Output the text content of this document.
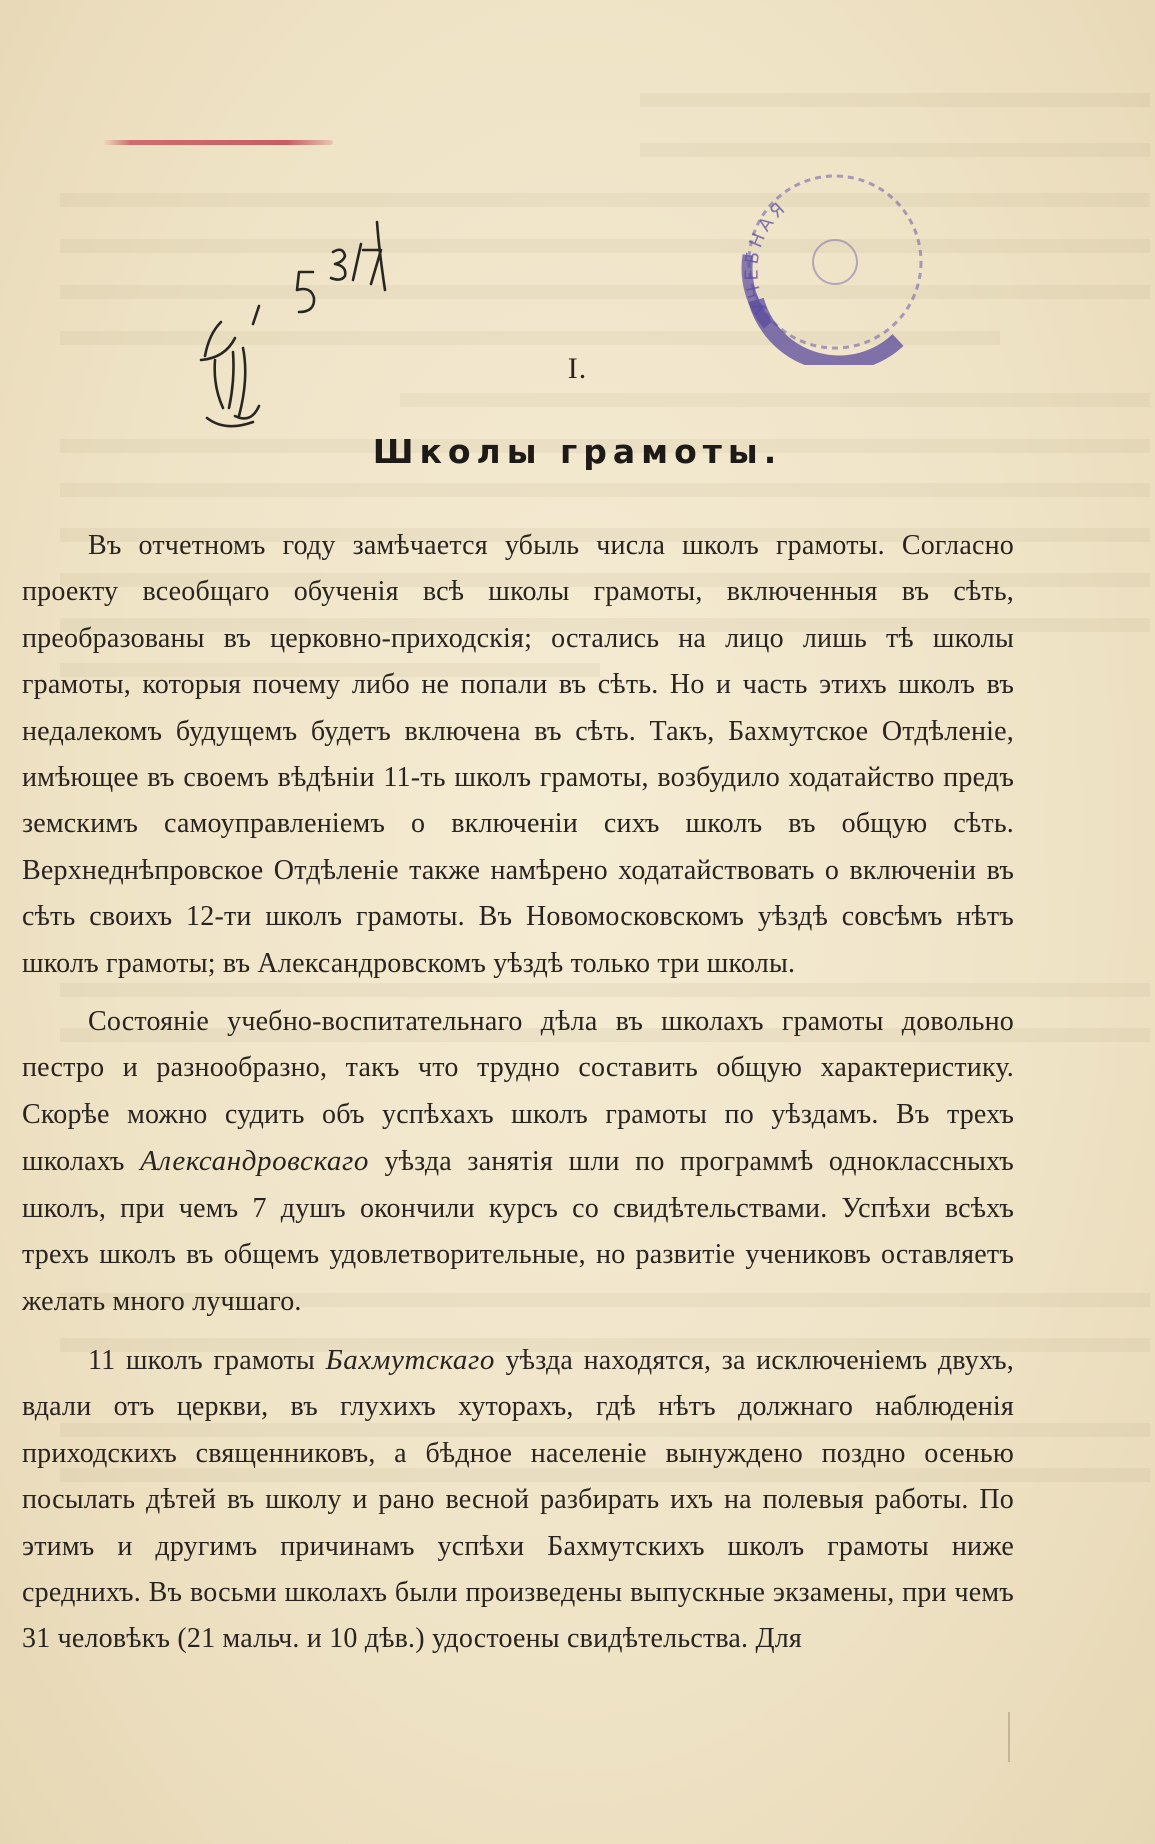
УЧЕБНАЯ
I.
Школы грамоты.

Въ отчетномъ году замѣчается убыль числа школъ грамоты. Согласно проекту всеобщаго обученія всѣ школы грамоты, включенныя въ сѣть, преобразованы въ церковно-приходскія; остались на лицо лишь тѣ школы грамоты, которыя почему либо не попали въ сѣть. Но и часть этихъ школъ въ недалекомъ будущемъ будетъ включена въ сѣть. Такъ, Бахмутское Отдѣленіе, имѣющее въ своемъ вѣдѣніи 11-ть школъ грамоты, возбудило ходатайство предъ земскимъ самоуправленіемъ о включеніи сихъ школъ въ общую сѣть. Верхнеднѣпровское Отдѣленіе также намѣрено ходатайствовать о включеніи въ сѣть своихъ 12-ти школъ грамоты. Въ Новомосковскомъ уѣздѣ совсѣмъ нѣтъ школъ грамоты; въ Александровскомъ уѣздѣ только три школы.

Состояніе учебно-воспитательнаго дѣла въ школахъ грамоты довольно пестро и разнообразно, такъ что трудно составить общую характеристику. Скорѣе можно судить объ успѣхахъ школъ грамоты по уѣздамъ. Въ трехъ школахъ Александровскаго уѣзда занятія шли по программѣ одноклассныхъ школъ, при чемъ 7 душъ окончили курсъ со свидѣтельствами. Успѣхи всѣхъ трехъ школъ въ общемъ удовлетворительные, но развитіе учениковъ оставляетъ желать много лучшаго.

11 школъ грамоты Бахмутскаго уѣзда находятся, за исключеніемъ двухъ, вдали отъ церкви, въ глухихъ хуторахъ, гдѣ нѣтъ должнаго наблюденія приходскихъ священниковъ, а бѣдное населеніе вынуждено поздно осенью посылать дѣтей въ школу и рано весной разбирать ихъ на полевыя работы. По этимъ и другимъ причинамъ успѣхи Бахмутскихъ школъ грамоты ниже среднихъ. Въ восьми школахъ были произведены выпускные экзамены, при чемъ 31 человѣкъ (21 мальч. и 10 дѣв.) удостоены свидѣтельства. Для
